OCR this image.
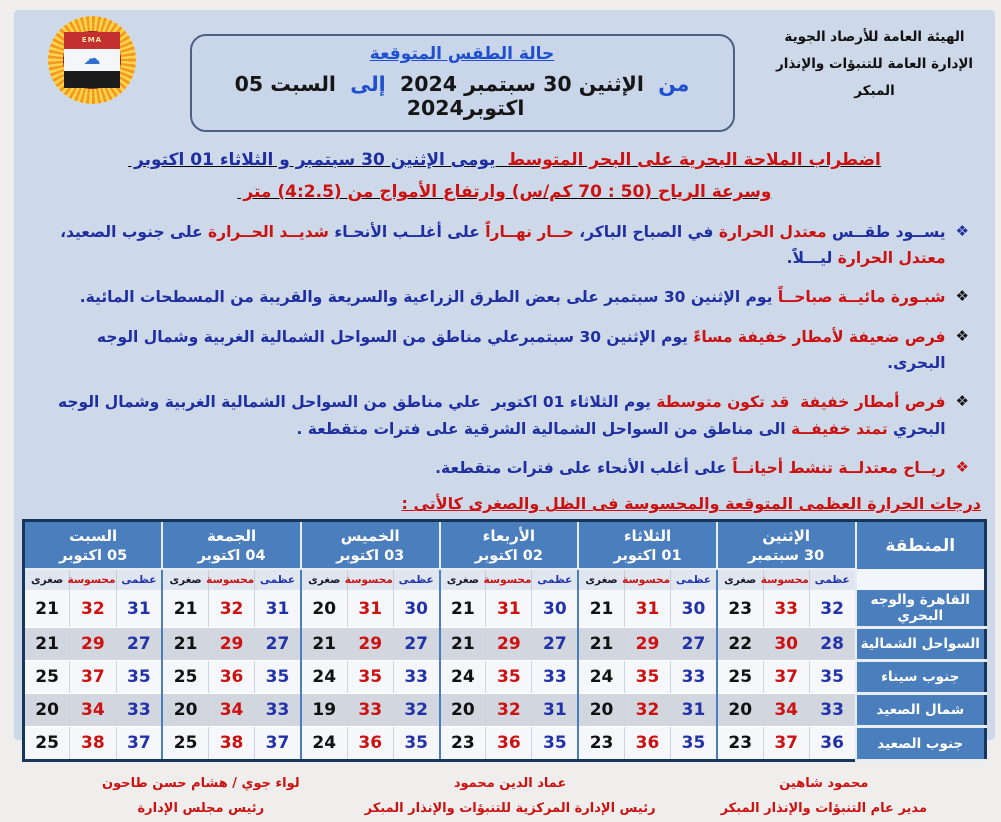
الهيئة العامة للأرصاد الجوية
الإدارة العامة للتنبؤات والإنذار المبكر
حالة الطقس المتوقعة
من  الإثنين 30 سبتمبر 2024  إلى  السبت 05 اكتوبر2024
EMA
☁
اضطراب الملاحة البحرية على البحر المتوسط  يومى الإثنين 30 سبتمبر و الثلاثاء 01 اكتوبر
وسرعة الرياح (50 : 70 كم/س) وارتفاع الأمواج من (4:2.5) متر
❖
يســود طقــس معتدل الحرارة في الصباح الباكر، حــار نهــاراً على أغلــب الأنحـاء شديــد الحــرارة على جنوب الصعيد، معتدل الحرارة ليـــلاً.
❖
شبـورة مائيــة صباحــاً يوم الإثنين 30 سبتمبر على بعض الطرق الزراعية والسريعة والقريبة من المسطحات المائية.
❖
فرص ضعيفة لأمطار خفيفة مساءً يوم الإثنين 30 سبتمبرعلي مناطق من السواحل الشمالية الغربية وشمال الوجه البحرى.
❖
فرص أمطار خفيفة  قد تكون متوسطة يوم الثلاثاء 01 اكتوبر  علي مناطق من السواحل الشمالية الغربية وشمال الوجه البحري تمتد خفيفــة الى مناطق من السواحل الشمالية الشرقية على فترات متقطعة .
❖
ريــاح معتدلــة تنشط أحيانــاً على أغلب الأنحاء على فترات متقطعة.
درجات الحرارة العظمى المتوقعة والمحسوسة فى الظل والصغرى كالأتى :
المنطقة	
الإثنين
30 سبتمبر

الثلاثاء
01 اكتوبر

الأربعاء
02 اكتوبر

الخميس
03 اكتوبر

الجمعة
04 اكتوبر

السبت
05 اكتوبر

	عظمى	محسوسة	صغرى	عظمى	محسوسة	صغرى	عظمى	محسوسة	صغرى	عظمى	محسوسة	صغرى	عظمى	محسوسة	صغرى	عظمى	محسوسة	صغرى
القاهرة والوجه البحري	32	33	23	30	31	21	30	31	21	30	31	20	31	32	21	31	32	21
السواحل الشمالية	28	30	22	27	29	21	27	29	21	27	29	21	27	29	21	27	29	21
جنوب سيناء	35	37	25	33	35	24	33	35	24	33	35	24	35	36	25	35	37	25
شمال الصعيد	33	34	20	31	32	20	31	32	20	32	33	19	33	34	20	33	34	20
جنوب الصعيد	36	37	23	35	36	23	35	36	23	35	36	24	37	38	25	37	38	25
محمود شاهين
مدير عام التنبؤات والإنذار المبكر
عماد الدين محمود
رئيس الإدارة المركزية للتنبؤات والإنذار المبكر
لواء جوي / هشام حسن طاحون
رئيس مجلس الإدارة
